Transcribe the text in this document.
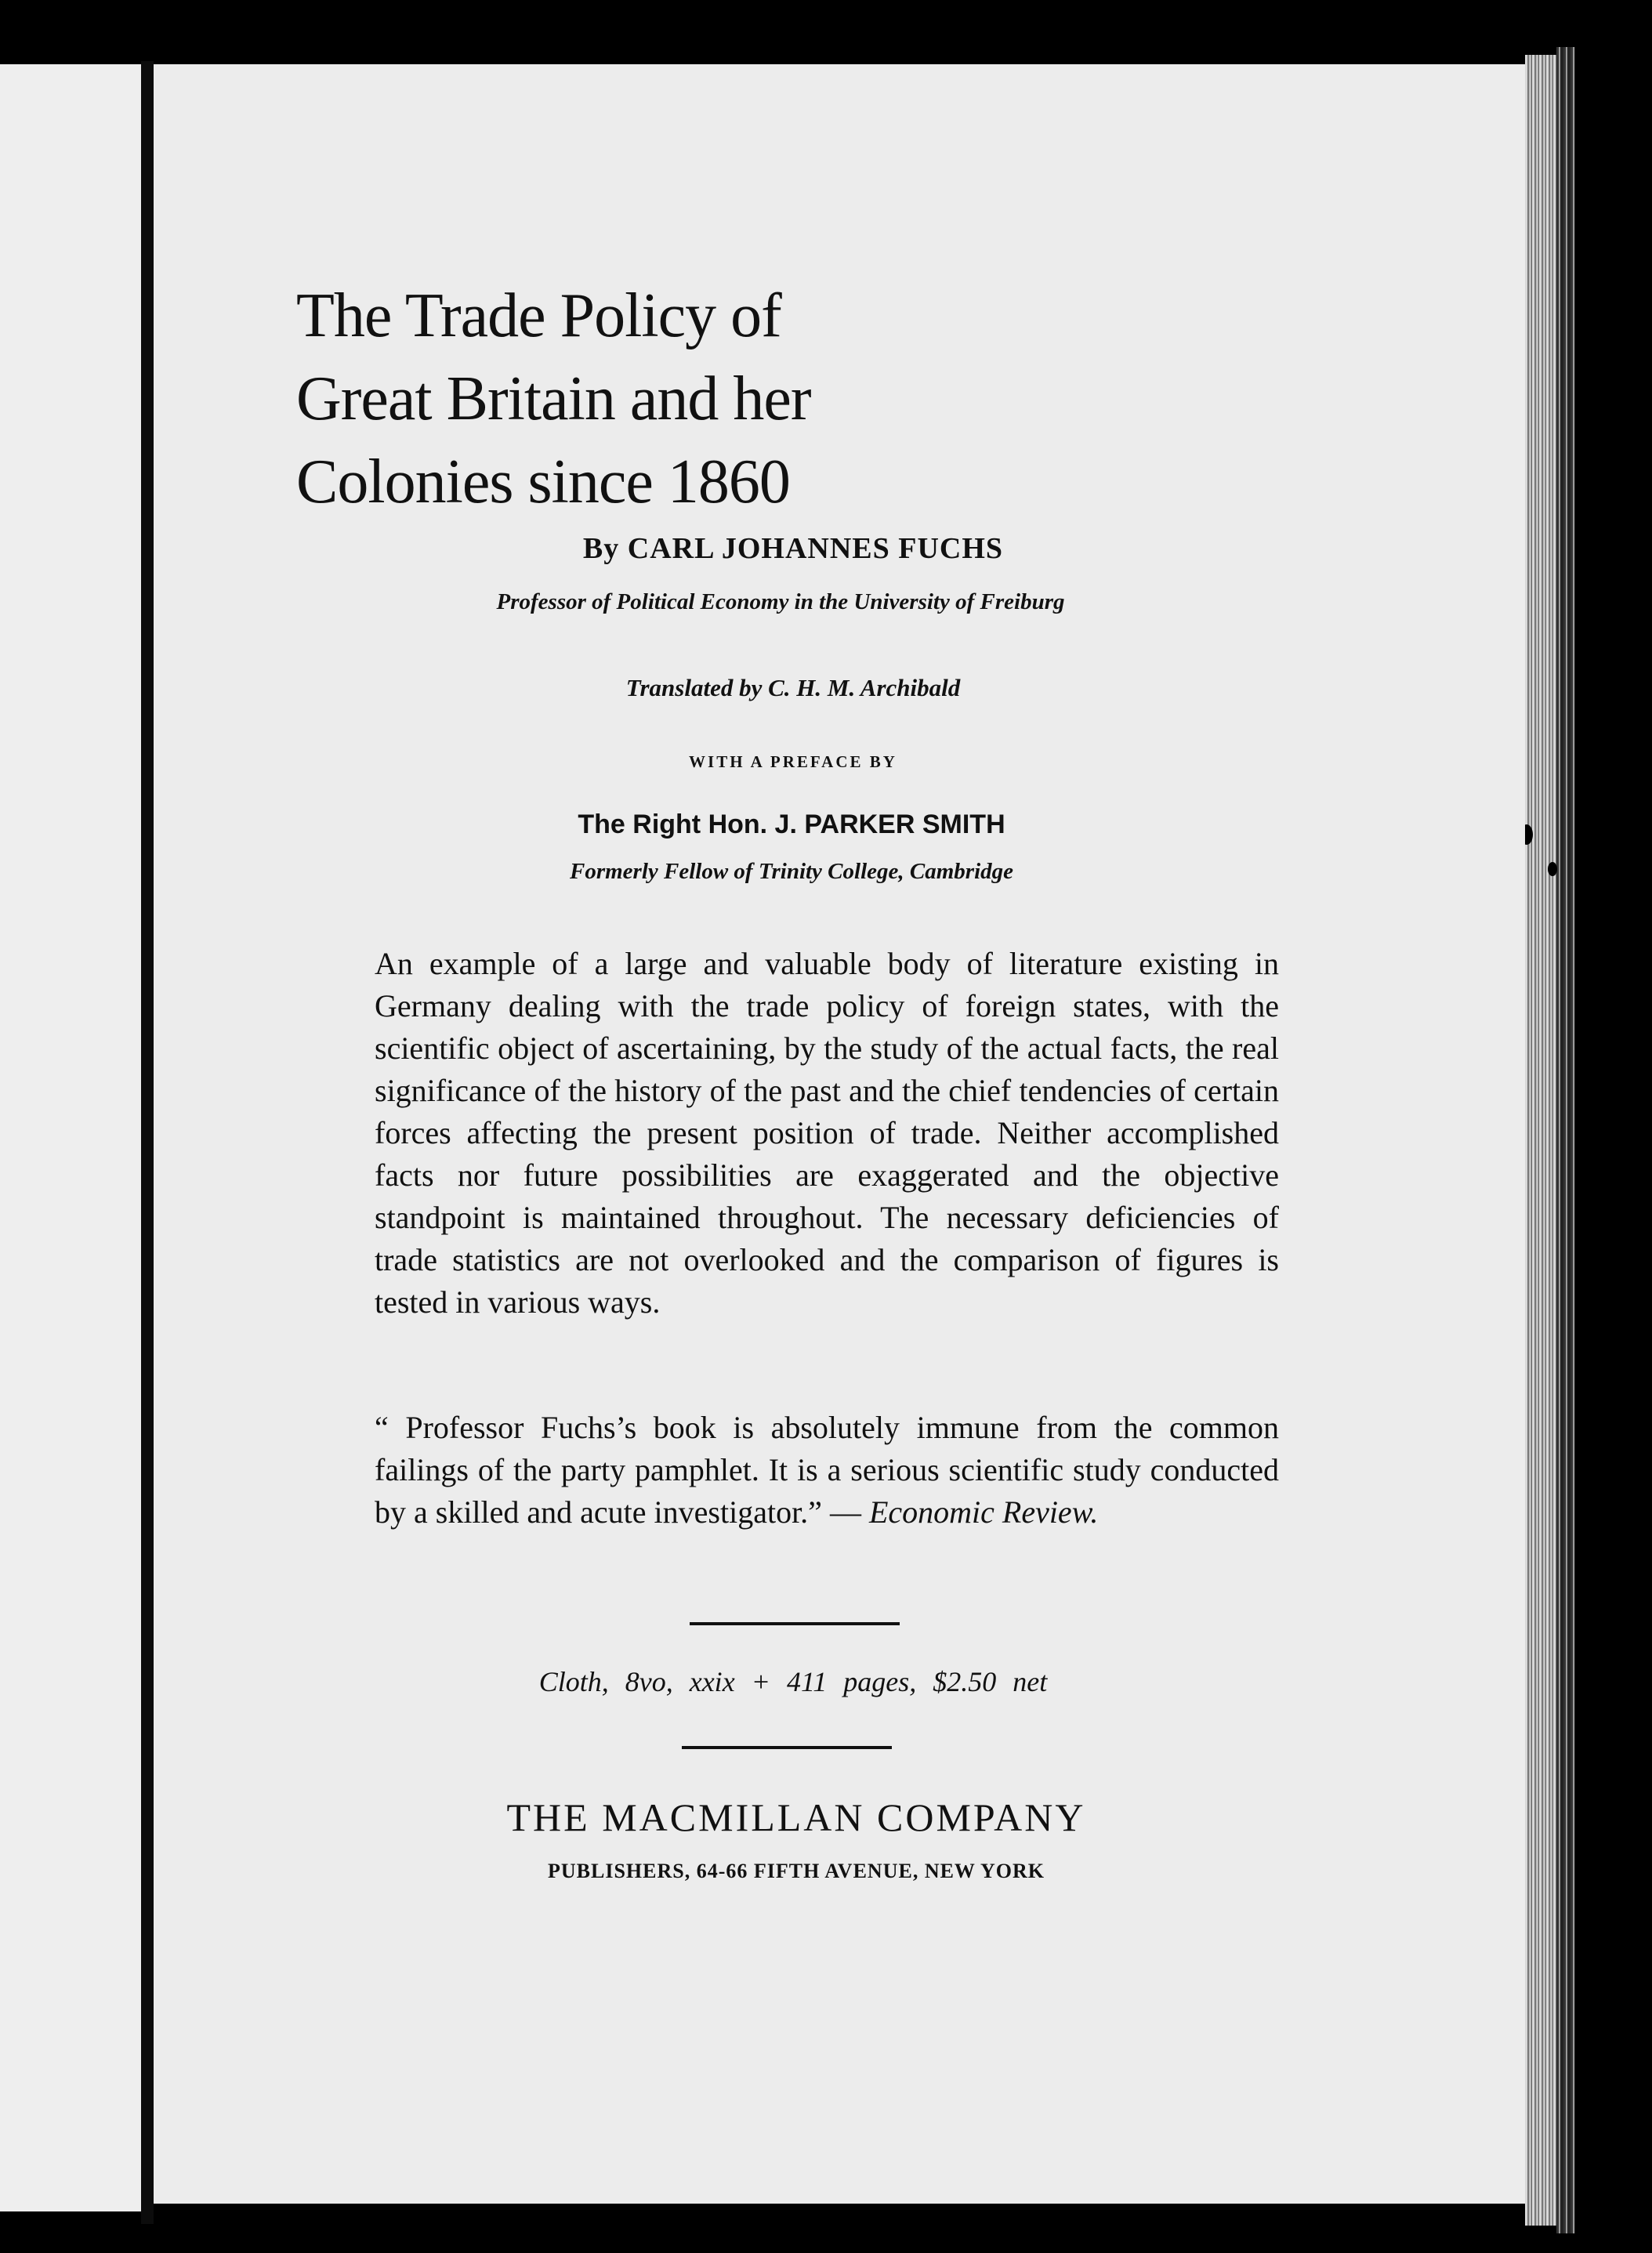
The Trade Policy of
Great Britain and her
Colonies since 1860
By CARL JOHANNES FUCHS
Professor of Political Economy in the University of Freiburg
Translated by C. H. M. Archibald
WITH A PREFACE BY
The Right Hon. J. PARKER SMITH
Formerly Fellow of Trinity College, Cambridge

An example of a large and valuable body of literature existing in Germany dealing with the trade policy of foreign states, with the scientific object of ascertaining, by the study of the actual facts, the real significance of the history of the past and the chief tendencies of certain forces affecting the present position of trade. Neither accomplished facts nor future possibilities are exaggerated and the objective standpoint is maintained throughout. The necessary deficiencies of trade statistics are not overlooked and the comparison of figures is tested in various ways.

“ Professor Fuchs’s book is absolutely immune from the common failings of the party pamphlet. It is a serious scientific study conducted by a skilled and acute investigator.” — Economic Review.

Cloth, 8vo, xxix + 411 pages, $2.50 net
THE MACMILLAN COMPANY
PUBLISHERS, 64-66 FIFTH AVENUE, NEW YORK
